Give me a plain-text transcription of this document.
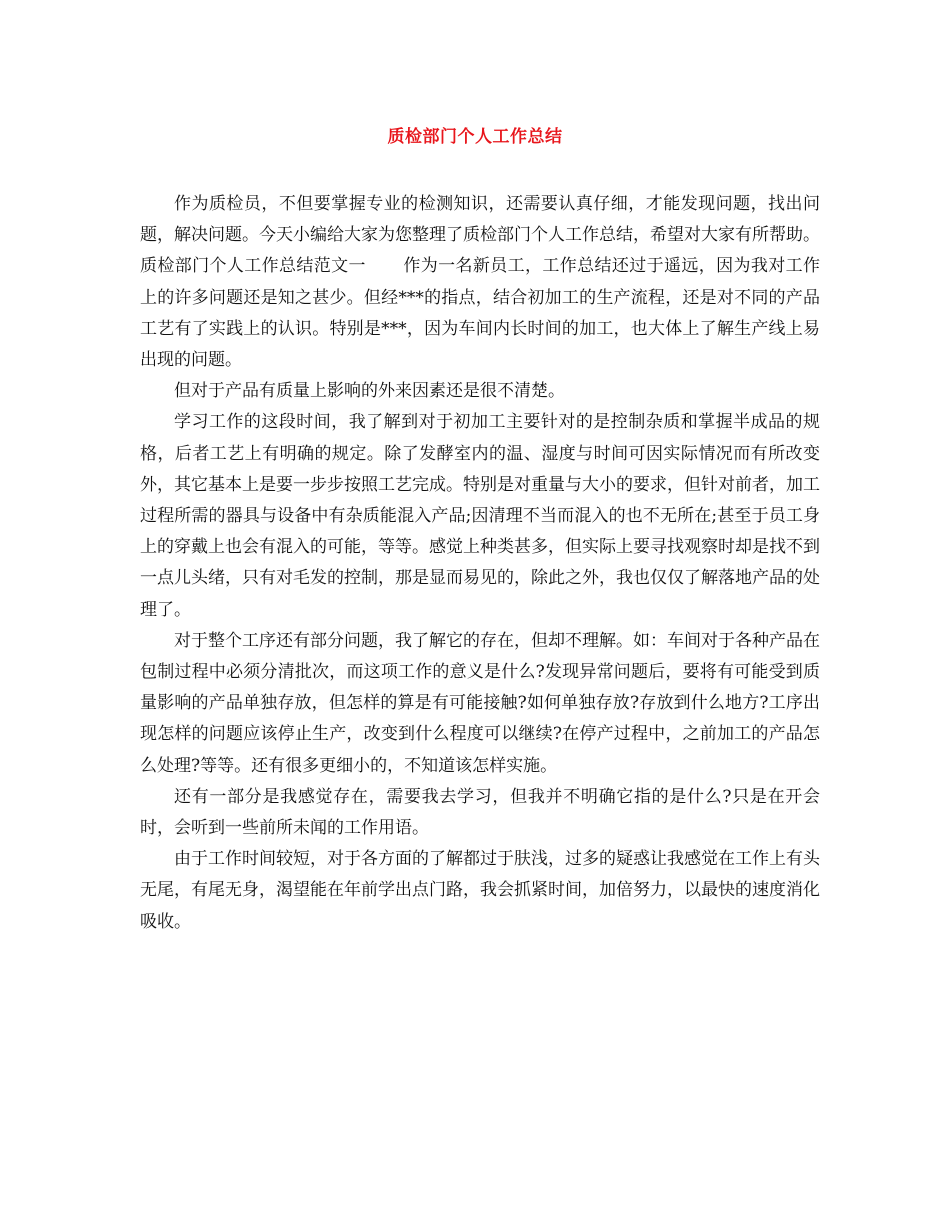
质检部门个人工作总结

作为质检员，不但要掌握专业的检测知识，还需要认真仔细，才能发现问题，找出问题，解决问题。今天小编给大家为您整理了质检部门个人工作总结，希望对大家有所帮助。

质检部门个人工作总结范文一 作为一名新员工，工作总结还过于遥远，因为我对工作上的许多问题还是知之甚少。但经***的指点，结合初加工的生产流程，还是对不同的产品工艺有了实践上的认识。特别是***，因为车间内长时间的加工，也大体上了解生产线上易出现的问题。

但对于产品有质量上影响的外来因素还是很不清楚。

学习工作的这段时间，我了解到对于初加工主要针对的是控制杂质和掌握半成品的规格，后者工艺上有明确的规定。除了发酵室内的温、湿度与时间可因实际情况而有所改变外，其它基本上是要一步步按照工艺完成。特别是对重量与大小的要求，但针对前者，加工过程所需的器具与设备中有杂质能混入产品;因清理不当而混入的也不无所在;甚至于员工身上的穿戴上也会有混入的可能，等等。感觉上种类甚多，但实际上要寻找观察时却是找不到一点儿头绪，只有对毛发的控制，那是显而易见的，除此之外，我也仅仅了解落地产品的处理了。

对于整个工序还有部分问题，我了解它的存在，但却不理解。如：车间对于各种产品在包制过程中必须分清批次，而这项工作的意义是什么?发现异常问题后，要将有可能受到质量影响的产品单独存放，但怎样的算是有可能接触?如何单独存放?存放到什么地方?工序出现怎样的问题应该停止生产，改变到什么程度可以继续?在停产过程中，之前加工的产品怎么处理?等等。还有很多更细小的，不知道该怎样实施。

还有一部分是我感觉存在，需要我去学习，但我并不明确它指的是什么?只是在开会时，会听到一些前所未闻的工作用语。

由于工作时间较短，对于各方面的了解都过于肤浅，过多的疑惑让我感觉在工作上有头无尾，有尾无身，渴望能在年前学出点门路，我会抓紧时间，加倍努力，以最快的速度消化吸收。
